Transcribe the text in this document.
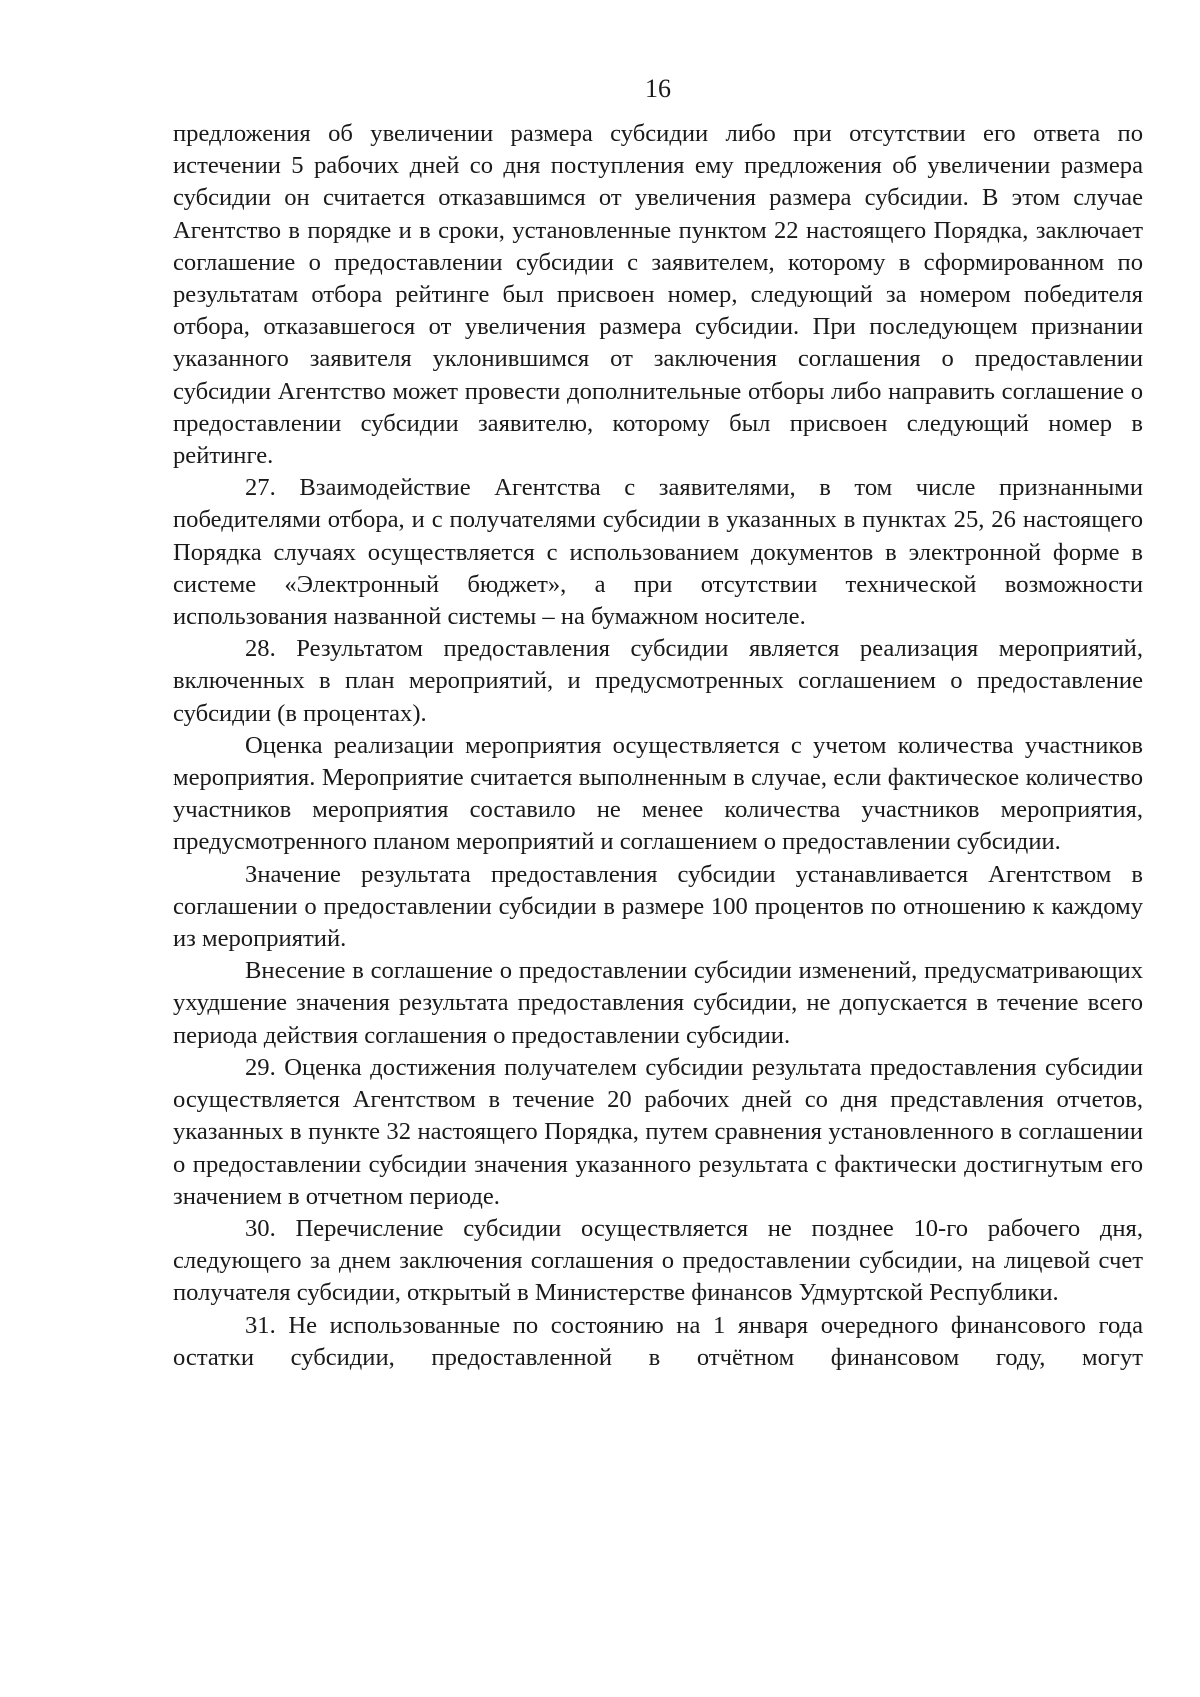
16

предложения об увеличении размера субсидии либо при отсутствии его ответа по истечении 5 рабочих дней со дня поступления ему предложения об увеличении размера субсидии он считается отказавшимся от увеличения размера субсидии. В этом случае Агентство в порядке и в сроки, установленные пунктом 22 настоящего Порядка, заключает соглашение о предоставлении субсидии с заявителем, которому в сформированном по результатам отбора рейтинге был присвоен номер, следующий за номером победителя отбора, отказавшегося от увеличения размера субсидии. При последующем признании указанного заявителя уклонившимся от заключения соглашения о предоставлении субсидии Агентство может провести дополнительные отборы либо направить соглашение о предоставлении субсидии заявителю, которому был присвоен следующий номер в рейтинге.

27. Взаимодействие Агентства с заявителями, в том числе признанными победителями отбора, и с получателями субсидии в указанных в пунктах 25, 26 настоящего Порядка случаях осуществляется с использованием документов в электронной форме в системе «Электронный бюджет», а при отсутствии технической возможности использования названной системы – на бумажном носителе.

28. Результатом предоставления субсидии является реализация мероприятий, включенных в план мероприятий, и предусмотренных соглашением о предоставление субсидии (в процентах).

Оценка реализации мероприятия осуществляется с учетом количества участников мероприятия. Мероприятие считается выполненным в случае, если фактическое количество участников мероприятия составило не менее количества участников мероприятия, предусмотренного планом мероприятий и соглашением о предоставлении субсидии.

Значение результата предоставления субсидии устанавливается Агентством в соглашении о предоставлении субсидии в размере 100 процентов по отношению к каждому из мероприятий.

Внесение в соглашение о предоставлении субсидии изменений, предусматривающих ухудшение значения результата предоставления субсидии, не допускается в течение всего периода действия соглашения о предоставлении субсидии.

29. Оценка достижения получателем субсидии результата предоставления субсидии осуществляется Агентством в течение 20 рабочих дней со дня представления отчетов, указанных в пункте 32 настоящего Порядка, путем сравнения установленного в соглашении о предоставлении субсидии значения указанного результата с фактически достигнутым его значением в отчетном периоде.

30. Перечисление субсидии осуществляется не позднее 10-го рабочего дня, следующего за днем заключения соглашения о предоставлении субсидии, на лицевой счет получателя субсидии, открытый в Министерстве финансов Удмуртской Республики.

31. Не использованные по состоянию на 1 января очередного финансового года остатки субсидии, предоставленной в отчётном финансовом году, могут
